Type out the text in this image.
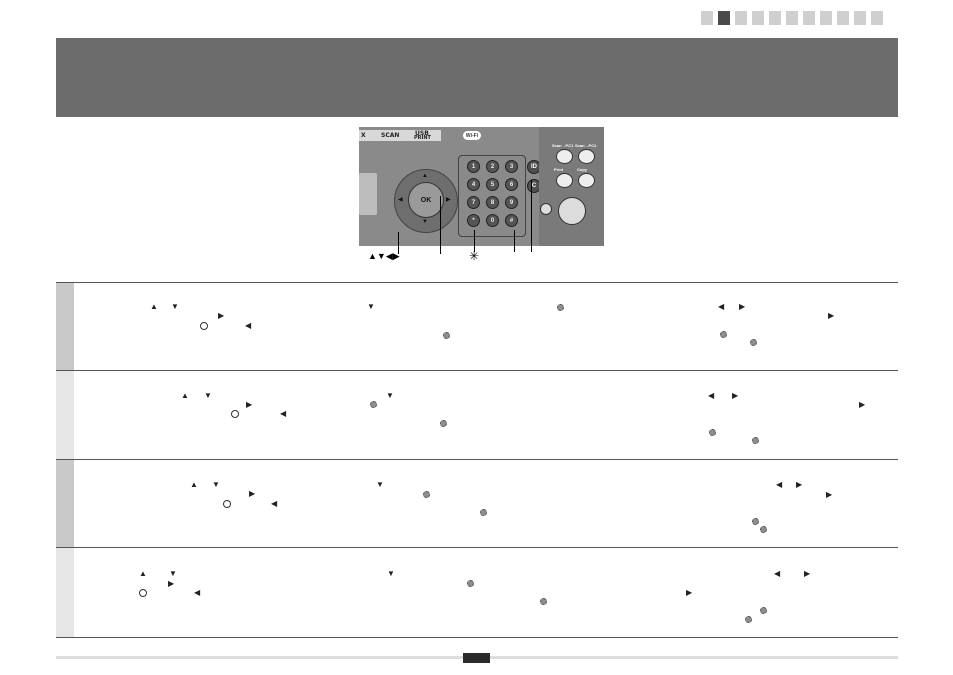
X	SCAN	USB
PRINT	Wi-Fi
▲
▼
◀	▶
OK
1	2	3
4	5	6
7	8	9
*	0	#
ID
C
Scan→PC1 Scan→PC2
Print	Copy
▲▼◀▶	✳
▲ ▼
▶
◀
▼	◀ ▶
▶
▲ ▼
▶
◀
▼	◀ ▶
▶
▲ ▼
▶
◀
▼	◀ ▶
▶
▲	▼
▶
◀
▼	◀	▶
▶
